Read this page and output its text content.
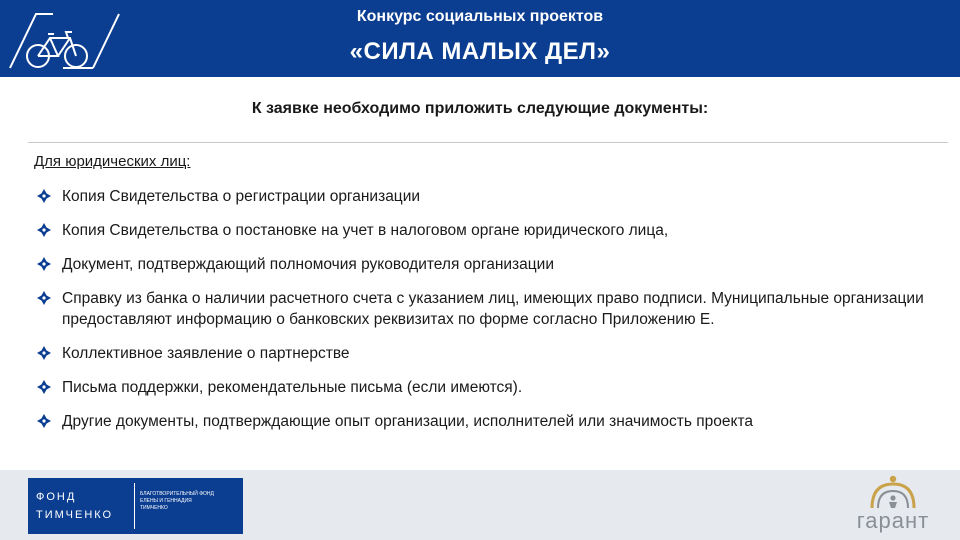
Конкурс социальных проектов
«СИЛА МАЛЫХ ДЕЛ»
К заявке необходимо приложить следующие документы:
Для юридических лиц:
Копия Свидетельства о регистрации организации
Копия Свидетельства о постановке на учет в налоговом органе юридического лица,
Документ, подтверждающий полномочия руководителя организации
Справку из банка о наличии расчетного счета с указанием лиц, имеющих право подписи. Муниципальные организации предоставляют информацию о банковских реквизитах по форме согласно Приложению Е.
Коллективное заявление о партнерстве
Письма поддержки, рекомендательные письма (если имеются).
Другие документы, подтверждающие опыт организации, исполнителей или значимость проекта

ФОНД
ТИМЧЕНКО

БЛАГОТВОРИТЕЛЬНЫЙ ФОНД
ЕЛЕНЫ И ГЕННАДИЯ
ТИМЧЕНКО	гарант
